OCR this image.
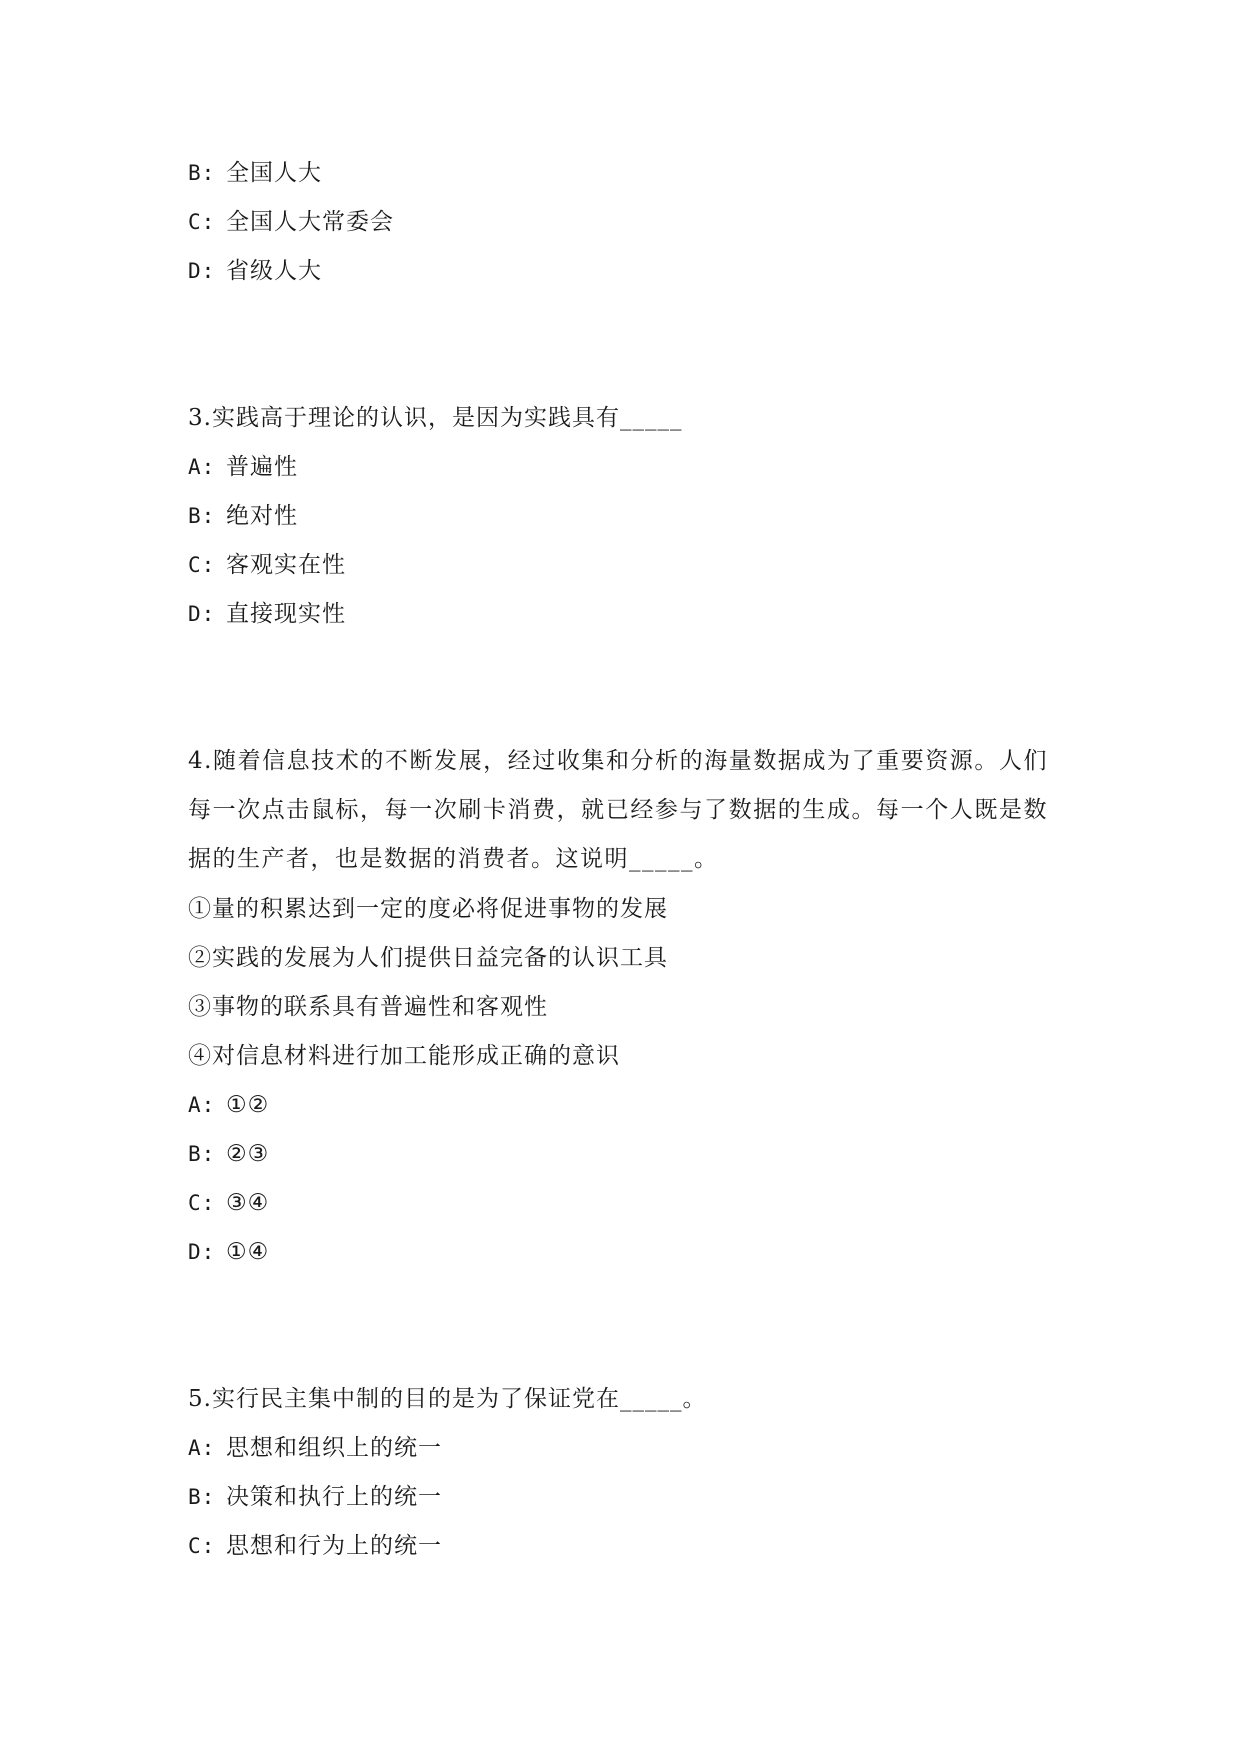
B: 全国人大
C: 全国人大常委会
D: 省级人大
3.实践高于理论的认识，是因为实践具有_____
A: 普遍性
B: 绝对性
C: 客观实在性
D: 直接现实性
4.随着信息技术的不断发展，经过收集和分析的海量数据成为了重要资源。人们每一次点击鼠标，每一次刷卡消费，就已经参与了数据的生成。每一个人既是数据的生产者，也是数据的消费者。这说明_____。
①量的积累达到一定的度必将促进事物的发展
②实践的发展为人们提供日益完备的认识工具
③事物的联系具有普遍性和客观性
④对信息材料进行加工能形成正确的意识
A: ①②
B: ②③
C: ③④
D: ①④
5.实行民主集中制的目的是为了保证党在_____。
A: 思想和组织上的统一
B: 决策和执行上的统一
C: 思想和行为上的统一
